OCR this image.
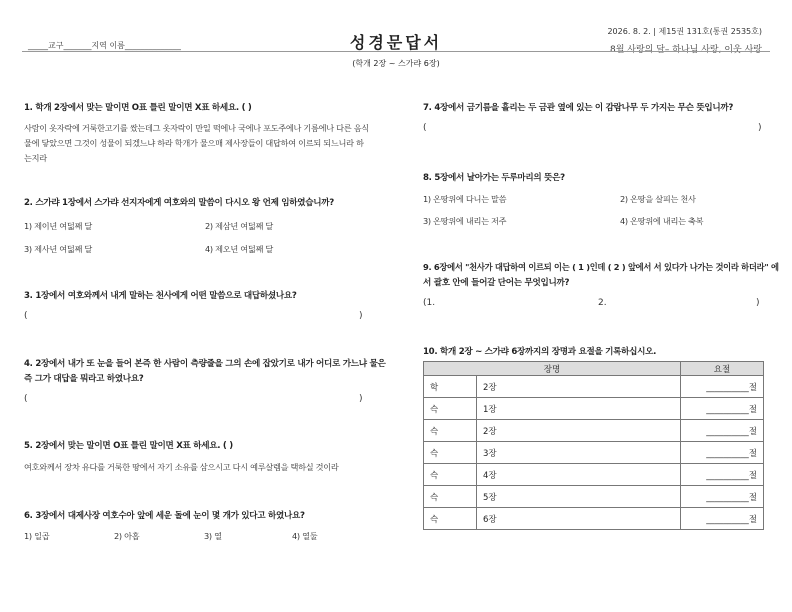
_____교구_______지역 이름______________	성경문답서
(학개 2장 ~ 스가랴 6장)
2026. 8. 2. | 제15권 131호(통권 2535호)
8월 사랑의 달– 하나님 사랑, 이웃 사랑
1. 학개 2장에서 맞는 말이면 O표 틀린 말이면 X표 하세요. ( )
사람이 옷자락에 거룩한고기를 쌌는데그 옷자락이 만일 떡에나 국에나 포도주에나 기름에나 다른 음식물에 닿았으면 그것이 성물이 되겠느냐 하라 학개가 물으매 제사장들이 대답하여 이르되 되느니라 하는지라
2. 스가랴 1장에서 스가랴 선지자에게 여호와의 말씀이 다시오 왕 언제 임하였습니까?
1) 제이년 여덟째 달	2) 제삼년 여덟째 달
3) 제사년 여덟째 달	4) 제오년 여덟째 달
3. 1장에서 여호와께서 내게 말하는 천사에게 어떤 말씀으로 대답하셨나요?
(	)
4. 2장에서 내가 또 눈을 들어 본즉 한 사람이 측량줄을 그의 손에 잡았기로 내가 어디로 가느냐 물은
즉 그가 대답을 뭐라고 하였나요?
(	)
5. 2장에서 맞는 말이면 O표 틀린 말이면 X표 하세요. ( )
여호와께서 장차 유다를 거룩한 땅에서 자기 소유를 삼으시고 다시 예루살렘을 택하실 것이라
6. 3장에서 대제사장 여호수아 앞에 세운 돌에 눈이 몇 개가 있다고 하였나요?
1) 일곱	2) 아홉	3) 열	4) 열둘
7. 4장에서 금기름을 흘리는 두 금관 옆에 있는 이 감람나무 두 가지는 무슨 뜻입니까?
(	)
8. 5장에서 날아가는 두루마리의 뜻은?
1) 온땅위에 다니는 말씀	2) 온땅을 살피는 천사
3) 온땅위에 내리는 저주	4) 온땅위에 내리는 축복
9. 6장에서 "천사가 대답하여 이르되 이는 ( 1 )인데 ( 2 ) 앞에서 서 있다가 나가는 것이라 하더라" 에
서 괄호 안에 들어갈 단어는 무엇입니까?
(1.	2.	)
10. 학개 2장 ~ 스가랴 6장까지의 장명과 요절을 기록하십시오.
장명		요절
학	2장	__________절
슥	1장	__________절
슥	2장	__________절
슥	3장	__________절
슥	4장	__________절
슥	5장	__________절
슥	6장	__________절
